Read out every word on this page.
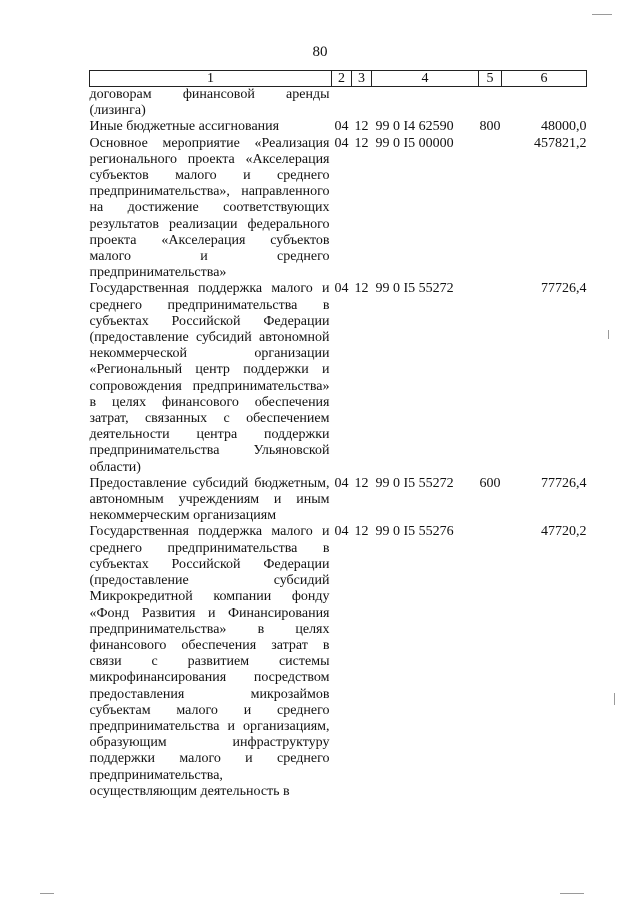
80
1	2	3	4	5	6
договорам финансовой аренды (лизинга)					
Иные бюджетные ассигнования	04	12	99 0 I4 62590	800	48000,0
Основное мероприятие «Реализация регионального проекта «Акселерация субъектов малого и среднего предпринимательства», направленного на достижение соответствующих результатов реализации федерального проекта «Акселерация субъектов малого и среднего предпринимательства»	04	12	99 0 I5 00000		457821,2
Государственная поддержка малого и среднего предпринимательства в субъектах Российской Федерации (предоставление субсидий автономной некоммерческой организации «Региональный центр поддержки и сопровождения предпринимательства» в целях финансового обеспечения затрат, связанных с обеспечением деятельности центра поддержки предпринимательства Ульяновской области)	04	12	99 0 I5 55272		77726,4
Предоставление субсидий бюджетным, автономным учреждениям и иным некоммерческим организациям	04	12	99 0 I5 55272	600	77726,4
Государственная поддержка малого и среднего предпринимательства в субъектах Российской Федерации (предоставление субсидий Микрокредитной компании фонду «Фонд Развития и Финансирования предпринимательства» в целях финансового обеспечения затрат в связи с развитием системы микрофинансирования посредством предоставления микрозаймов субъектам малого и среднего предпринимательства и организациям, образующим инфраструктуру поддержки малого и среднего предпринимательства, осуществляющим деятельность в	04	12	99 0 I5 55276		47720,2
